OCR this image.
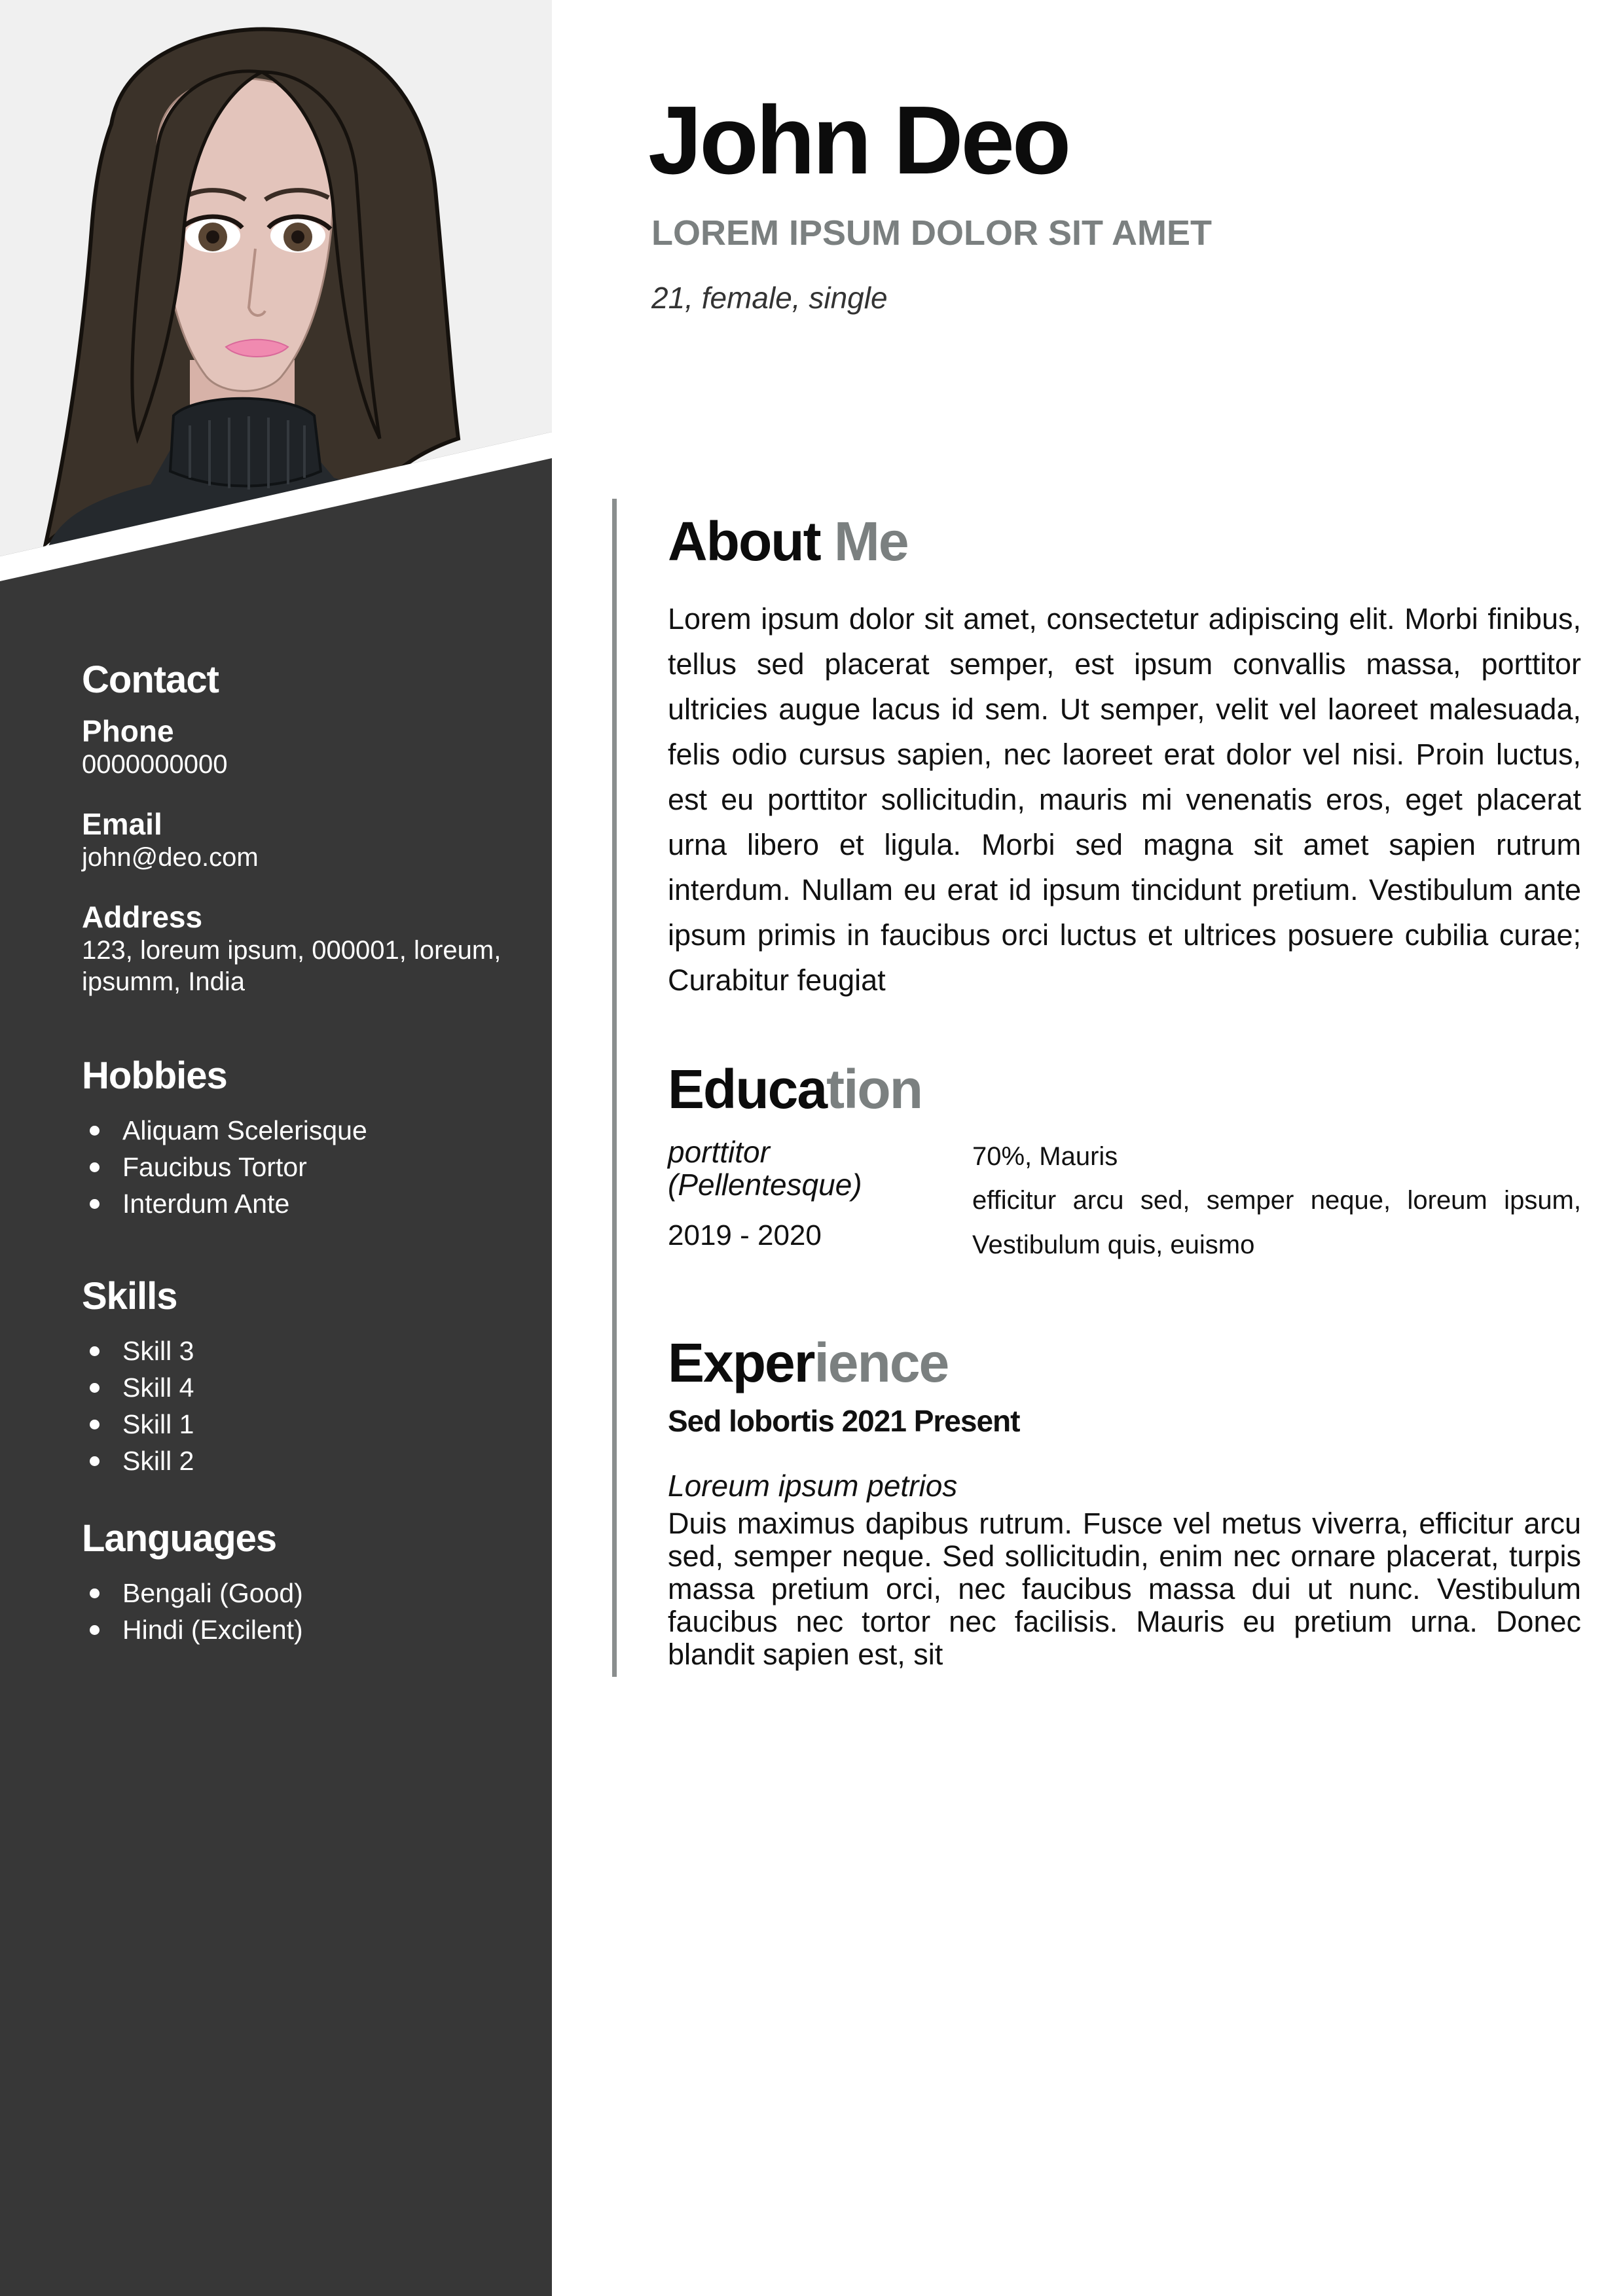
Contact

Phone

0000000000

Email

john@deo.com

Address

123, loreum ipsum, 000001, loreum,

ipsumm, India

Hobbies

Aliquam Scelerisque
Faucibus Tortor
Interdum Ante

Skills

Skill 3
Skill 4
Skill 1
Skill 2

Languages

Bengali (Good)
Hindi (Excilent)
John Deo

LOREM IPSUM DOLOR SIT AMET

21, female, single

About Me

Lorem ipsum dolor sit amet, consectetur adipiscing elit. Morbi finibus, tellus sed placerat semper, est ipsum convallis massa, porttitor ultricies augue lacus id sem. Ut semper, velit vel laoreet malesuada, felis odio cursus sapien, nec laoreet erat dolor vel nisi. Proin luctus, est eu porttitor sollicitudin, mauris mi venenatis eros, eget placerat urna libero et ligula. Morbi sed magna sit amet sapien rutrum interdum. Nullam eu erat id ipsum tincidunt pretium. Vestibulum ante ipsum primis in faucibus orci luctus et ultrices posuere cubilia curae; Curabitur feugiat

Education

porttitor

(Pellentesque)

2019 - 2020

70%, Mauris

efficitur arcu sed, semper neque, loreum ipsum, Vestibulum quis, euismo

Experience

Sed lobortis 2021 Present

Loreum ipsum petrios

Duis maximus dapibus rutrum. Fusce vel metus viverra, efficitur arcu sed, semper neque. Sed sollicitudin, enim nec ornare placerat, turpis massa pretium orci, nec faucibus massa dui ut nunc. Vestibulum faucibus nec tortor nec facilisis. Mauris eu pretium urna. Donec blandit sapien est, sit
